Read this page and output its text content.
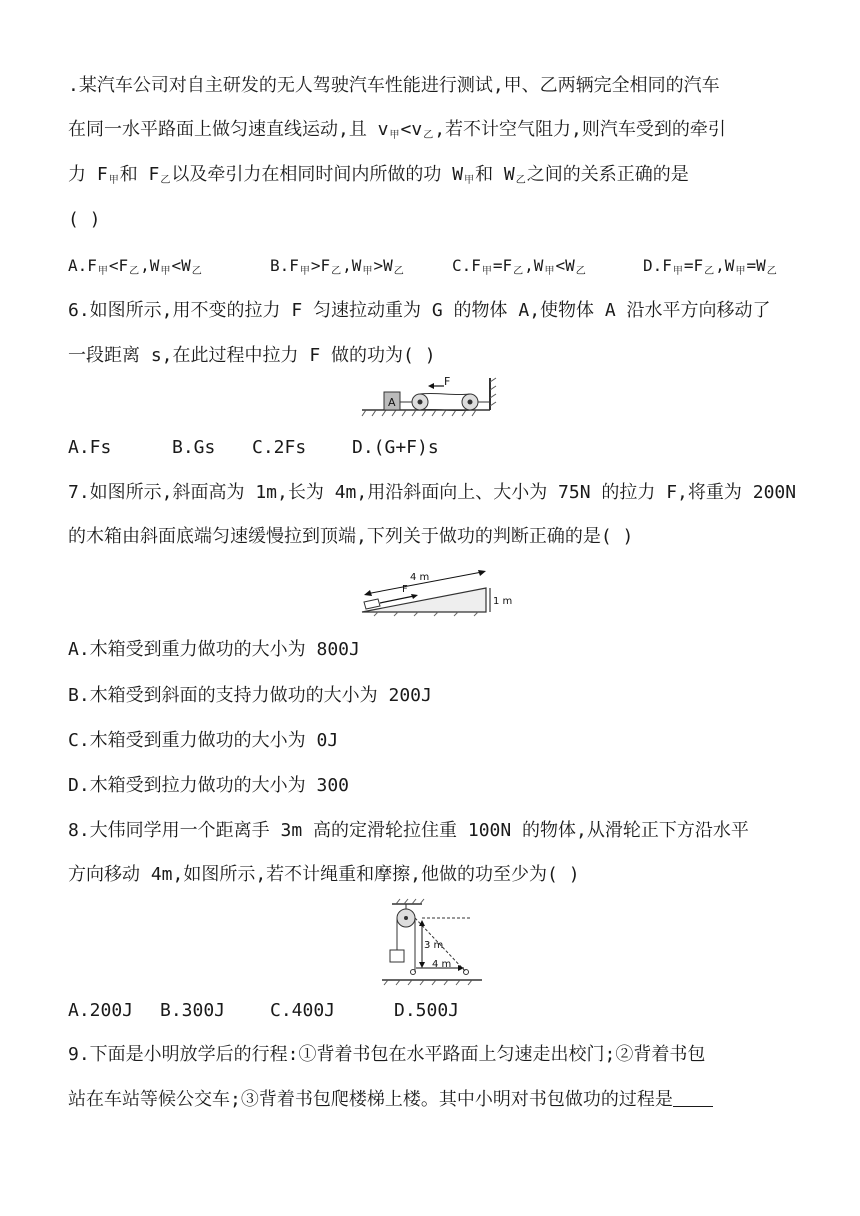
.某汽车公司对自主研发的无人驾驶汽车性能进行测试,甲、乙两辆完全相同的汽车
在同一水平路面上做匀速直线运动,且 $v_甲<v_乙$,若不计空气阻力,则汽车受到的牵引
力 $F_甲$和 $F_乙$以及牵引力在相同时间内所做的功 $W_甲$和 $W_乙$之间的关系正确的是
( )
$A.F_甲<F_乙,W_甲<W_乙$	$B.F_甲>F_乙,W_甲>W_乙$	$C.F_甲=F_乙,W_甲<W_乙$	$D.F_甲=F_乙,W_甲=W_乙$
6.如图所示,用不变的拉力 F 匀速拉动重为 G 的物体 A,使物体 A 沿水平方向移动了
一段距离 s,在此过程中拉力 F 做的功为( )
A
F
A.Fs	B.Gs C.2Fs	D.(G+F)s
7.如图所示,斜面高为 1m,长为 4m,用沿斜面向上、大小为 75N 的拉力 F,将重为 200N
的木箱由斜面底端匀速缓慢拉到顶端,下列关于做功的判断正确的是( )
F
4 m
1 m
A.木箱受到重力做功的大小为 800J
B.木箱受到斜面的支持力做功的大小为 200J
C.木箱受到重力做功的大小为 0J
D.木箱受到拉力做功的大小为 300
8.大伟同学用一个距离手 3m 高的定滑轮拉住重 100N 的物体,从滑轮正下方沿水平
方向移动 4m,如图所示,若不计绳重和摩擦,他做的功至少为( )
3 m
4 m
A.200J B.300J C.400J	D.500J
9.下面是小明放学后的行程:①背着书包在水平路面上匀速走出校门;②背着书包
站在车站等候公交车;③背着书包爬楼梯上楼。其中小明对书包做功的过程是
